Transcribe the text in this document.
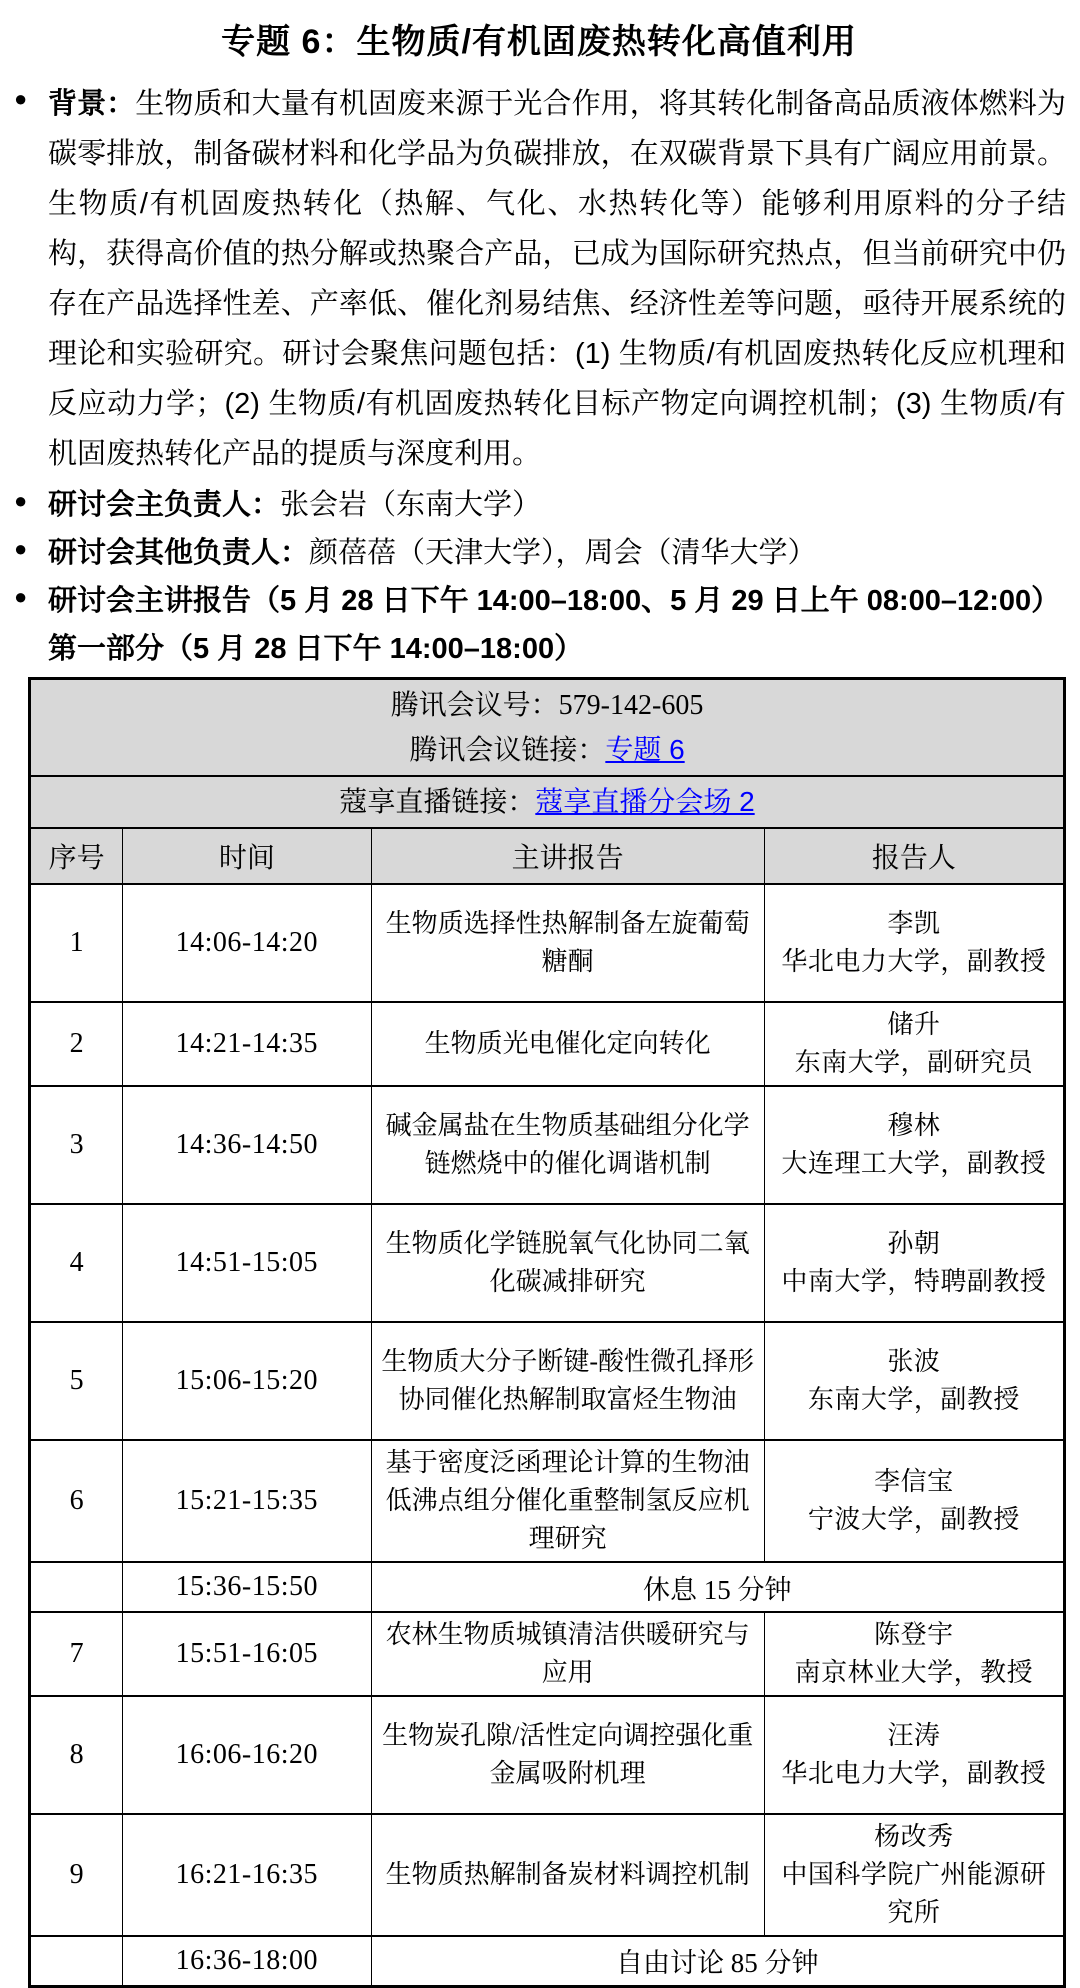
专题 6：生物质/有机固废热转化高值利用
● 背景：生物质和大量有机固废来源于光合作用，将其转化制备高品质液体燃料为碳零排放，制备碳材料和化学品为负碳排放，在双碳背景下具有广阔应用前景。生物质/有机固废热转化（热解、气化、水热转化等）能够利用原料的分子结构，获得高价值的热分解或热聚合产品，已成为国际研究热点，但当前研究中仍存在产品选择性差、产率低、催化剂易结焦、经济性差等问题，亟待开展系统的理论和实验研究。研讨会聚焦问题包括：(1) 生物质/有机固废热转化反应机理和反应动力学；(2) 生物质/有机固废热转化目标产物定向调控机制；(3) 生物质/有机固废热转化产品的提质与深度利用。
● 研讨会主负责人：张会岩（东南大学）
● 研讨会其他负责人：颜蓓蓓（天津大学），周会（清华大学）
● 研讨会主讲报告（5 月 28 日下午 14:00–18:00、5 月 29 日上午 08:00–12:00）
第一部分（5 月 28 日下午 14:00–18:00）
腾讯会议号：579-142-605
腾讯会议链接：专题 6			

蔻享直播链接：蔻享直播分会场 2			
序号	时间	主讲报告	报告人
1	14:06-14:20	生物质选择性热解制备左旋葡萄糖酮	李凯
华北电力大学，副教授

2	14:21-14:35	生物质光电催化定向转化	储升
东南大学，副研究员

3	14:36-14:50	碱金属盐在生物质基础组分化学链燃烧中的催化调谐机制	穆林
大连理工大学，副教授

4	14:51-15:05	生物质化学链脱氧气化协同二氧化碳减排研究	孙朝
中南大学，特聘副教授

5	15:06-15:20	生物质大分子断键-酸性微孔择形协同催化热解制取富烃生物油	张波
东南大学，副教授

6	15:21-15:35	基于密度泛函理论计算的生物油低沸点组分催化重整制氢反应机理研究	李信宝
宁波大学，副教授

	15:36-15:50	休息 15 分钟	
7	15:51-16:05	农林生物质城镇清洁供暖研究与应用	陈登宇
南京林业大学，教授

8	16:06-16:20	生物炭孔隙/活性定向调控强化重金属吸附机理	汪涛
华北电力大学，副教授

9	16:21-16:35	生物质热解制备炭材料调控机制	杨改秀
中国科学院广州能源研究所

	16:36-18:00	自由讨论 85 分钟	
